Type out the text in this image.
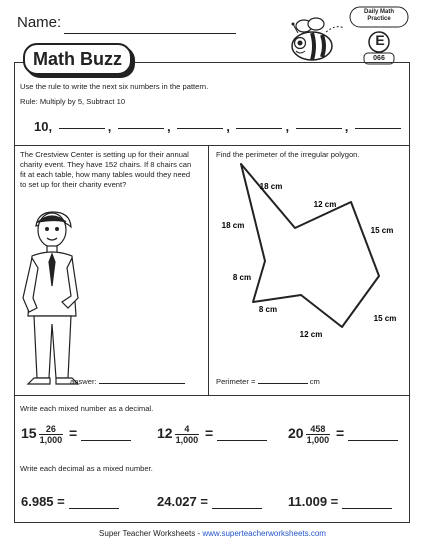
Name:
Daily Math
Practice
E
066
Math Buzz
Use the rule to write the next six numbers in the pattern.
Rule: Multiply by 5, Subtract 10
10,	,	,	,	,	,
The Crestview Center is setting up for their annual charity event. They have 152 chairs. If 8 chairs can fit at each table, how many tables would they need to set up for their charity event?
answer:
Find the perimeter of the irregular polygon.
18 cm
12 cm
15 cm
18 cm
8 cm
8 cm
12 cm
15 cm
Perimeter =	cm
Write each mixed number as a decimal.
$15 \frac{26}{1,000}$ =	$12 \frac{4}{1,000}$ =	$20 \frac{458}{1,000}$ =
Write each decimal as a mixed number.
6.985 =	24.027 =	11.009 =
Super Teacher Worksheets - www.superteacherworksheets.com
